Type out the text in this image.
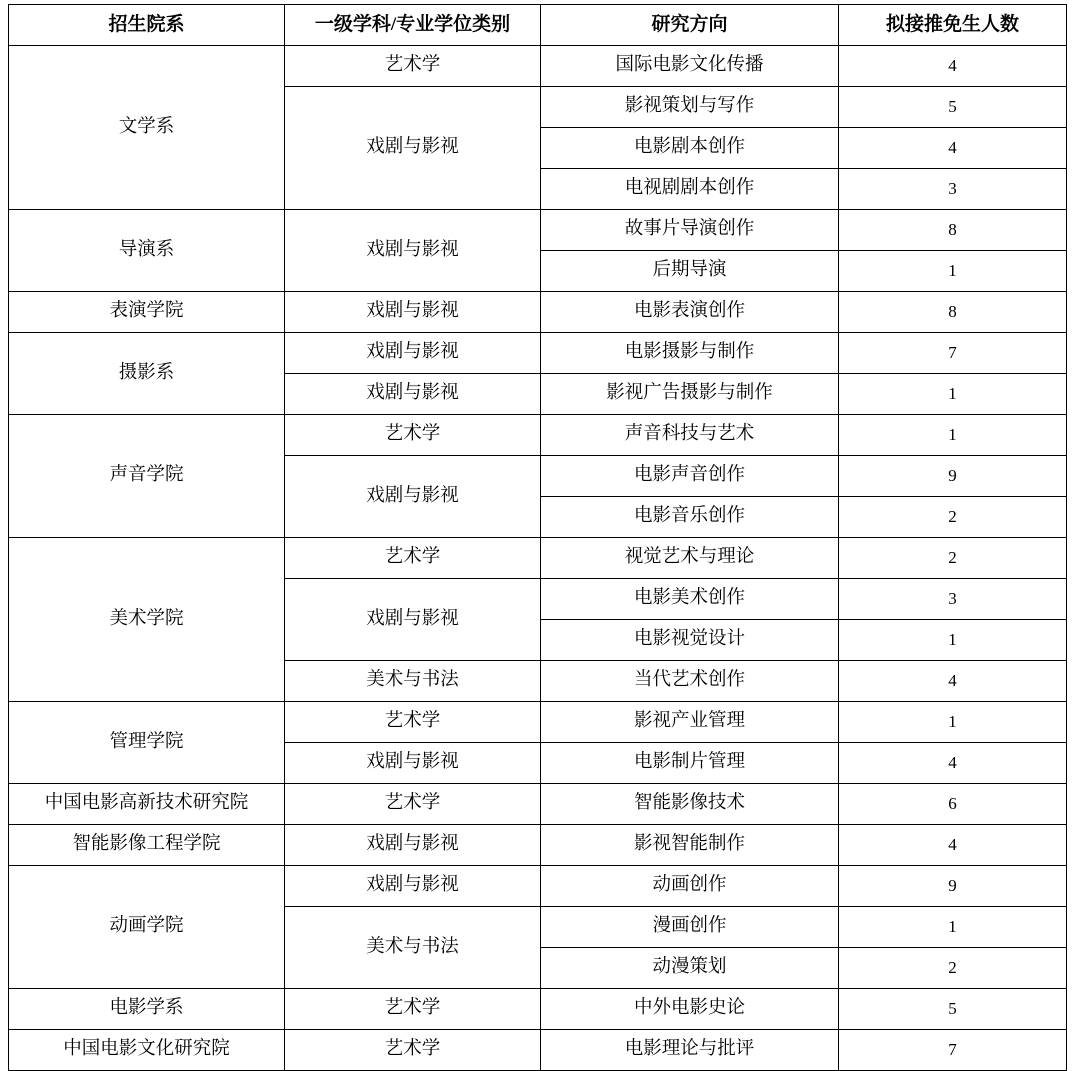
招生院系	一级学科/专业学位类别	研究方向	拟接推免生人数
文学系	艺术学	国际电影文化传播	4
	戏剧与影视	影视策划与写作	5
		电影剧本创作	4
		电视剧剧本创作	3
导演系	戏剧与影视	故事片导演创作	8
		后期导演	1
表演学院	戏剧与影视	电影表演创作	8
摄影系	戏剧与影视	电影摄影与制作	7
	戏剧与影视	影视广告摄影与制作	1
声音学院	艺术学	声音科技与艺术	1
	戏剧与影视	电影声音创作	9
		电影音乐创作	2
美术学院	艺术学	视觉艺术与理论	2
	戏剧与影视	电影美术创作	3
		电影视觉设计	1
	美术与书法	当代艺术创作	4
管理学院	艺术学	影视产业管理	1
	戏剧与影视	电影制片管理	4
中国电影高新技术研究院	艺术学	智能影像技术	6
智能影像工程学院	戏剧与影视	影视智能制作	4
动画学院	戏剧与影视	动画创作	9
	美术与书法	漫画创作	1
		动漫策划	2
电影学系	艺术学	中外电影史论	5
中国电影文化研究院	艺术学	电影理论与批评	7
